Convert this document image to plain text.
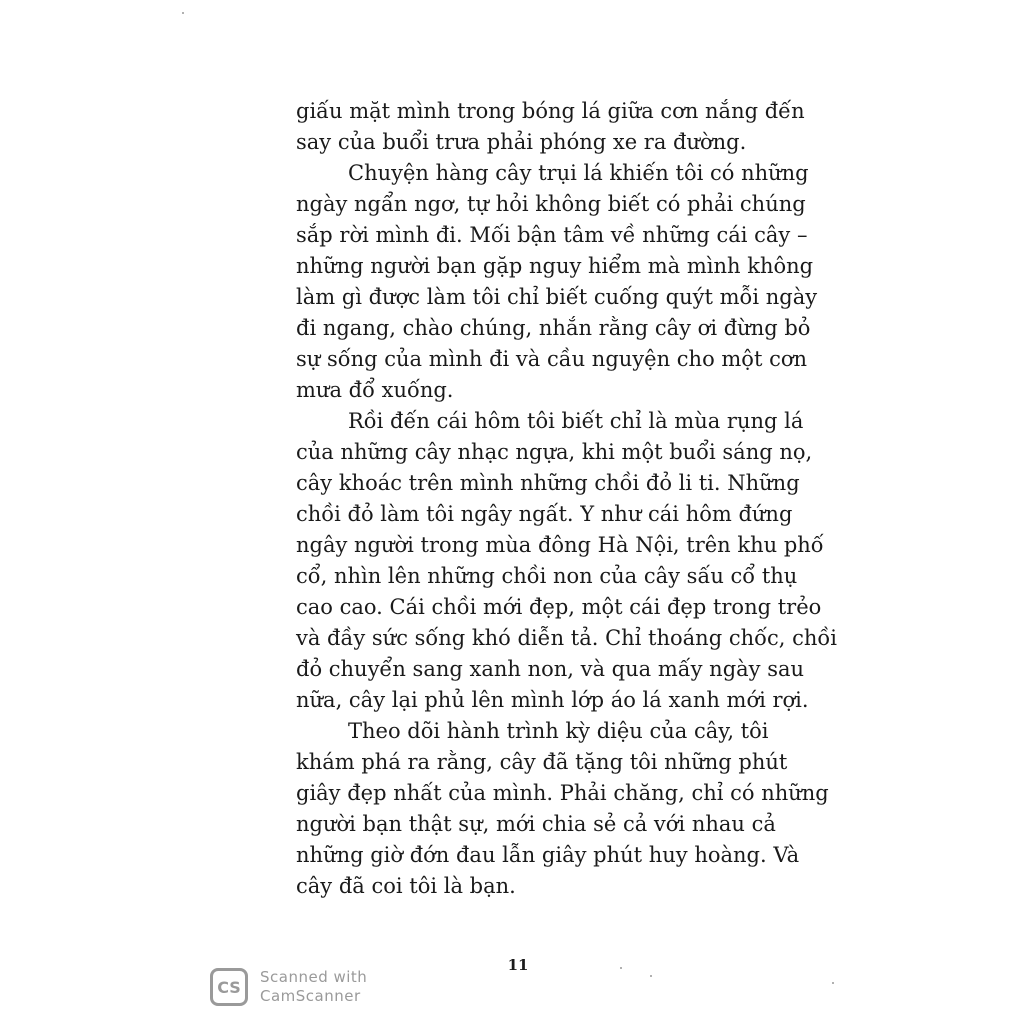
giấu mặt mình trong bóng lá giữa cơn nắng đến
say của buổi trưa phải phóng xe ra đường.
Chuyện hàng cây trụi lá khiến tôi có những
ngày ngẩn ngơ, tự hỏi không biết có phải chúng
sắp rời mình đi. Mối bận tâm về những cái cây –
những người bạn gặp nguy hiểm mà mình không
làm gì được làm tôi chỉ biết cuống quýt mỗi ngày
đi ngang, chào chúng, nhắn rằng cây ơi đừng bỏ
sự sống của mình đi và cầu nguyện cho một cơn
mưa đổ xuống.
Rồi đến cái hôm tôi biết chỉ là mùa rụng lá
của những cây nhạc ngựa, khi một buổi sáng nọ,
cây khoác trên mình những chồi đỏ li ti. Những
chồi đỏ làm tôi ngây ngất. Y như cái hôm đứng
ngây người trong mùa đông Hà Nội, trên khu phố
cổ, nhìn lên những chồi non của cây sấu cổ thụ
cao cao. Cái chồi mới đẹp, một cái đẹp trong trẻo
và đầy sức sống khó diễn tả. Chỉ thoáng chốc, chồi
đỏ chuyển sang xanh non, và qua mấy ngày sau
nữa, cây lại phủ lên mình lớp áo lá xanh mới rợi.
Theo dõi hành trình kỳ diệu của cây, tôi
khám phá ra rằng, cây đã tặng tôi những phút
giây đẹp nhất của mình. Phải chăng, chỉ có những
người bạn thật sự, mới chia sẻ cả với nhau cả
những giờ đớn đau lẫn giây phút huy hoàng. Và
cây đã coi tôi là bạn.
11
CS
Scanned with
CamScanner
